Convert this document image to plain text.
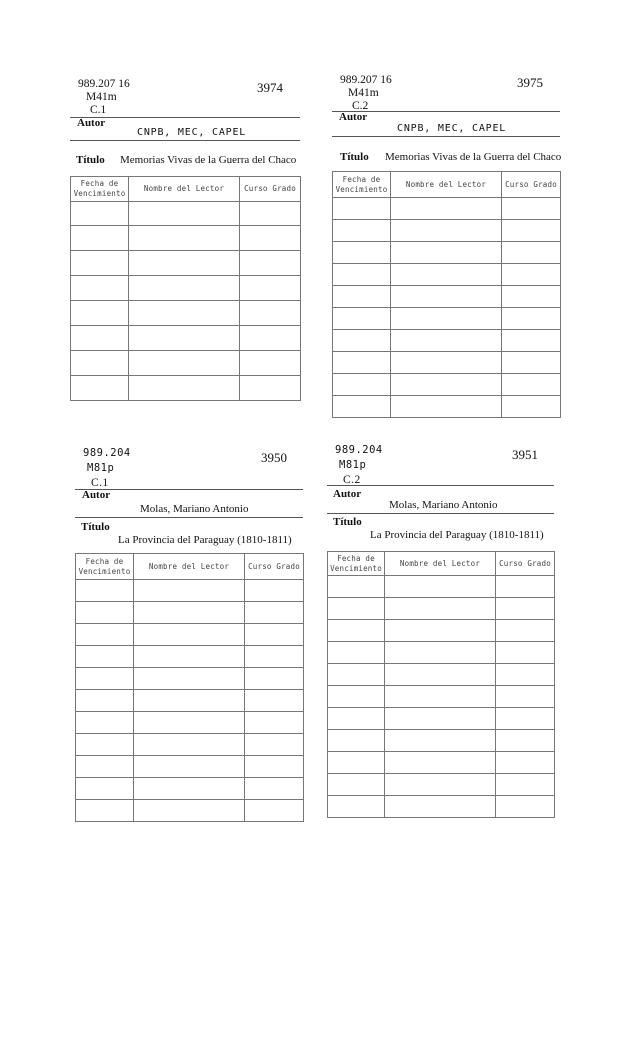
989.207 16
M41m
C.1
3974
Autor
CNPB, MEC, CAPEL
Título Memorias Vivas de la Guerra del Chaco
Fecha de Vencimiento	Nombre del Lector	Curso Grado

989.207 16
M41m
C.2
3975
Autor
CNPB, MEC, CAPEL
Título Memorias Vivas de la Guerra del Chaco
Fecha de Vencimiento	Nombre del Lector	Curso Grado

989.204
M81p
C.1
3950
Autor
Molas, Mariano Antonio
Título
La Provincia del Paraguay (1810-1811)
Fecha de Vencimiento	Nombre del Lector	Curso Grado

989.204
M81p
C.2
3951
Autor
Molas, Mariano Antonio
Título
La Provincia del Paraguay (1810-1811)
Fecha de Vencimiento	Nombre del Lector	Curso Grado
